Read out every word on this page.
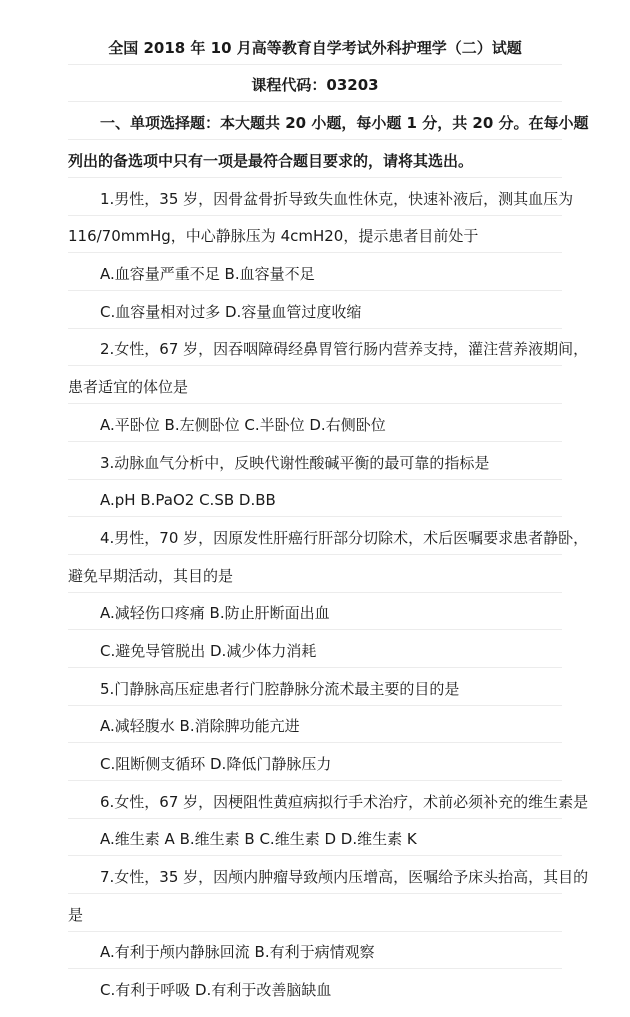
全国 2018 年 10 月高等教育自学考试外科护理学（二）试题
课程代码：03203
一、单项选择题：本大题共 20 小题，每小题 1 分，共 20 分。在每小题
列出的备选项中只有一项是最符合题目要求的，请将其选出。
1.男性，35 岁，因骨盆骨折导致失血性休克，快速补液后，测其血压为
116/70mmHg，中心静脉压为 4cmH20，提示患者目前处于
A.血容量严重不足 B.血容量不足
C.血容量相对过多 D.容量血管过度收缩
2.女性，67 岁，因吞咽障碍经鼻胃管行肠内营养支持，灌注营养液期间，
患者适宜的体位是
A.平卧位 B.左侧卧位 C.半卧位 D.右侧卧位
3.动脉血气分析中，反映代谢性酸碱平衡的最可靠的指标是
A.pH B.PaO2 C.SB D.BB
4.男性，70 岁，因原发性肝癌行肝部分切除术，术后医嘱要求患者静卧，
避免早期活动，其目的是
A.减轻伤口疼痛 B.防止肝断面出血
C.避免导管脱出 D.减少体力消耗
5.门静脉高压症患者行门腔静脉分流术最主要的目的是
A.减轻腹水 B.消除脾功能亢进
C.阻断侧支循环 D.降低门静脉压力
6.女性，67 岁，因梗阻性黄疸病拟行手术治疗，术前必须补充的维生素是
A.维生素 A B.维生素 B C.维生素 D D.维生素 K
7.女性，35 岁，因颅内肿瘤导致颅内压增高，医嘱给予床头抬高，其目的
是
A.有利于颅内静脉回流 B.有利于病情观察
C.有利于呼吸 D.有利于改善脑缺血
